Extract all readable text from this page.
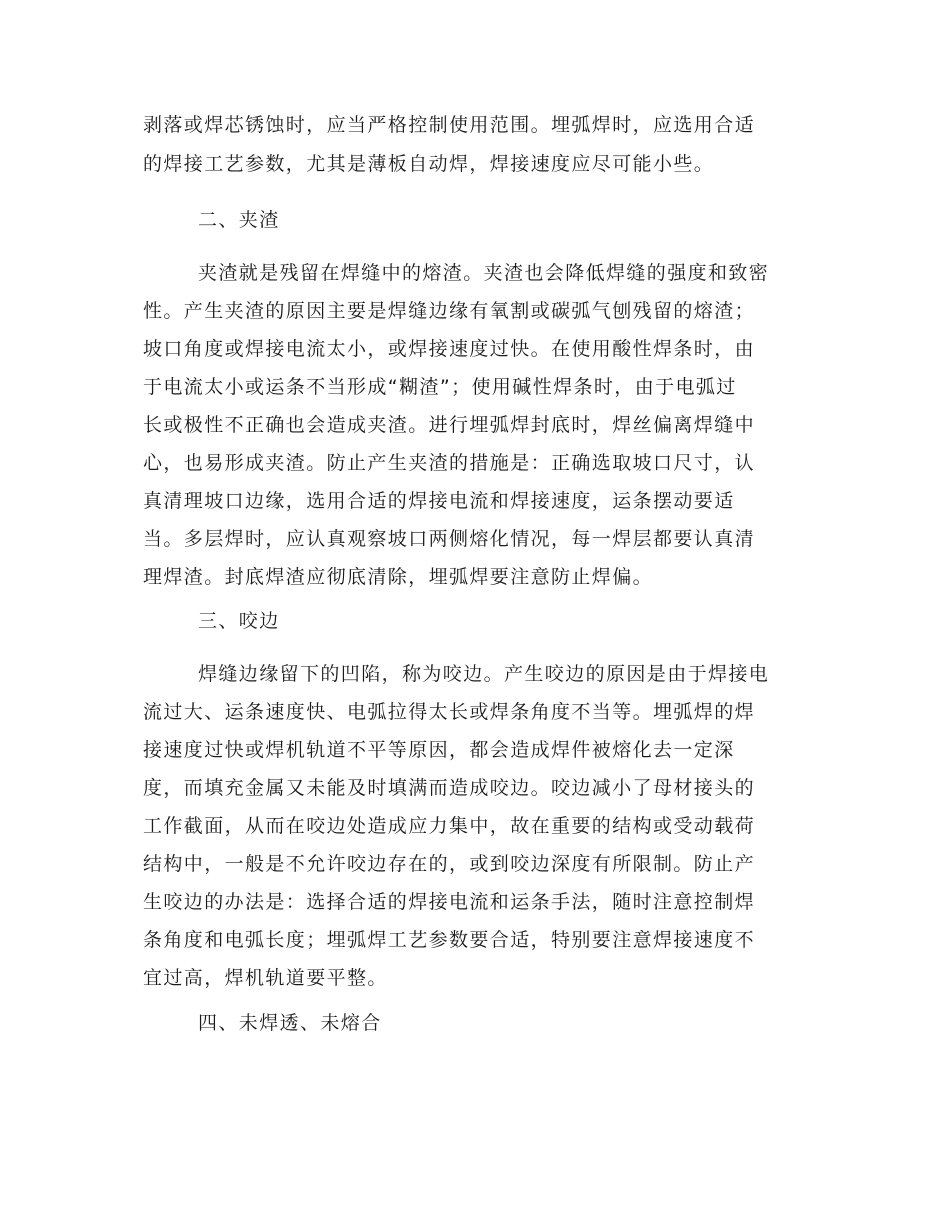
剥落或焊芯锈蚀时，应当严格控制使用范围。埋弧焊时，应选用合适
的焊接工艺参数，尤其是薄板自动焊，焊接速度应尽可能小些。
二、夹渣
夹渣就是残留在焊缝中的熔渣。夹渣也会降低焊缝的强度和致密
性。产生夹渣的原因主要是焊缝边缘有氧割或碳弧气刨残留的熔渣；
坡口角度或焊接电流太小，或焊接速度过快。在使用酸性焊条时，由
于电流太小或运条不当形成“糊渣”；使用碱性焊条时，由于电弧过
长或极性不正确也会造成夹渣。进行埋弧焊封底时，焊丝偏离焊缝中
心，也易形成夹渣。防止产生夹渣的措施是：正确选取坡口尺寸，认
真清理坡口边缘，选用合适的焊接电流和焊接速度，运条摆动要适
当。多层焊时，应认真观察坡口两侧熔化情况，每一焊层都要认真清
理焊渣。封底焊渣应彻底清除，埋弧焊要注意防止焊偏。
三、咬边
焊缝边缘留下的凹陷，称为咬边。产生咬边的原因是由于焊接电
流过大、运条速度快、电弧拉得太长或焊条角度不当等。埋弧焊的焊
接速度过快或焊机轨道不平等原因，都会造成焊件被熔化去一定深
度，而填充金属又未能及时填满而造成咬边。咬边减小了母材接头的
工作截面，从而在咬边处造成应力集中，故在重要的结构或受动载荷
结构中，一般是不允许咬边存在的，或到咬边深度有所限制。防止产
生咬边的办法是：选择合适的焊接电流和运条手法，随时注意控制焊
条角度和电弧长度；埋弧焊工艺参数要合适，特别要注意焊接速度不
宜过高，焊机轨道要平整。
四、未焊透、未熔合
